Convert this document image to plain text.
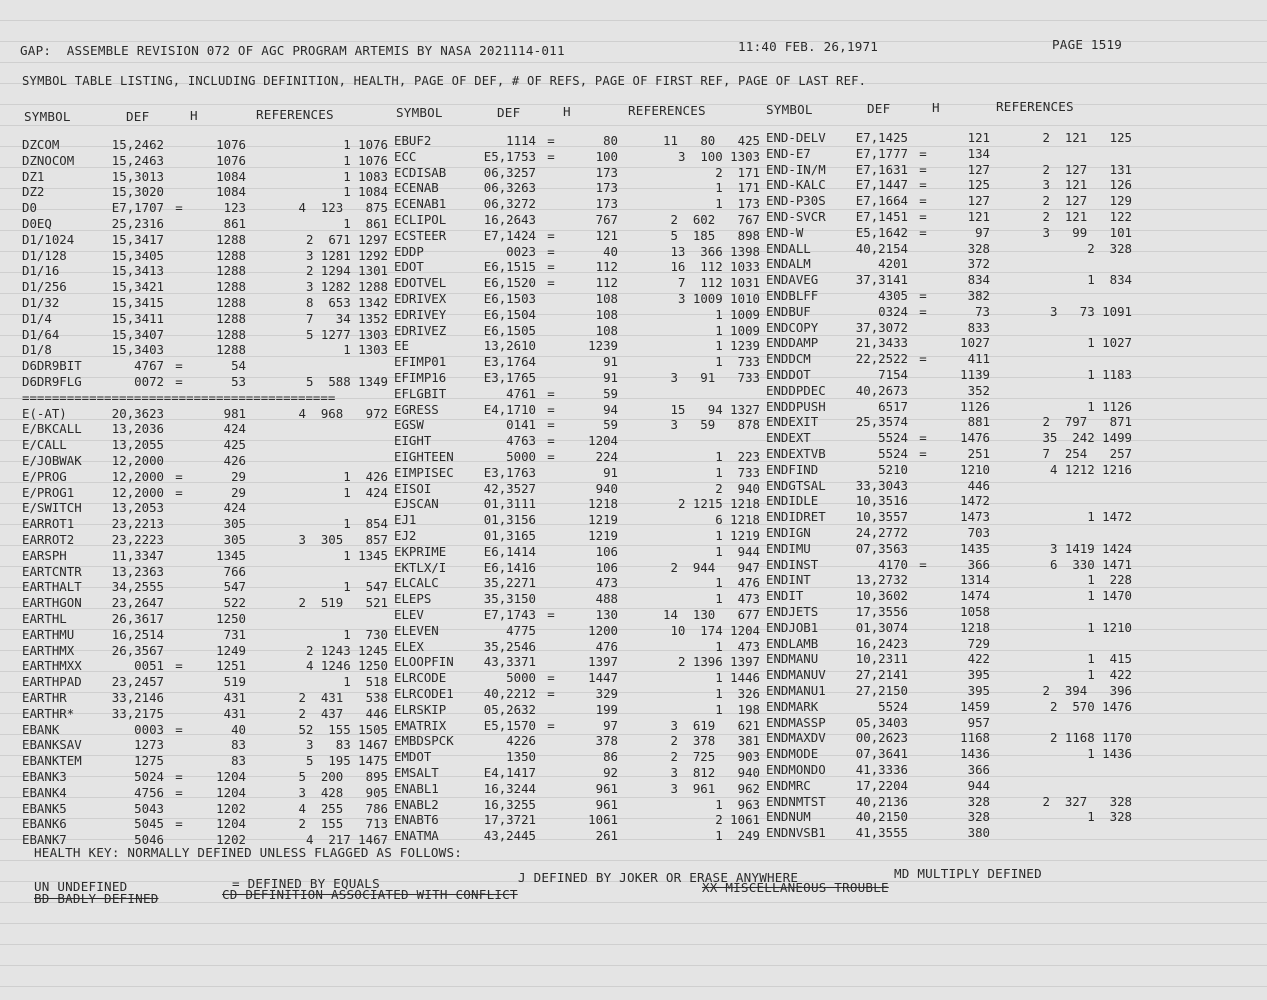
GAP:  ASSEMBLE REVISION 072 OF AGC PROGRAM ARTEMIS BY NASA 2021114-011	11:40 FEB. 26,1971	PAGE 1519
SYMBOL TABLE LISTING, INCLUDING DEFINITION, HEALTH, PAGE OF DEF, # OF REFS, PAGE OF FIRST REF, PAGE OF LAST REF.
SYMBOL	DEF	H	REFERENCES	SYMBOL	DEF	H	REFERENCES	SYMBOL	DEF	H	REFERENCES
DZCOM	15,2462	1076	1 1076
DZNOCOM	15,2463	1076	1 1076
DZ1	15,3013	1084	1 1083
DZ2	15,3020	1084	1 1084
D0	E7,1707 =	123	4  123   875
D0EQ	25,2316	861	1  861
D1/1024	15,3417	1288	2  671 1297
D1/128	15,3405	1288	3 1281 1292
D1/16	15,3413	1288	2 1294 1301
D1/256	15,3421	1288	3 1282 1288
D1/32	15,3415	1288	8  653 1342
D1/4	15,3411	1288	7   34 1352
D1/64	15,3407	1288	5 1277 1303
D1/8	15,3403	1288	1 1303
D6DR9BIT	4767 =	54
D6DR9FLG	0072 =	53	5  588 1349
==========================================
E(-AT)	20,3623	981	4  968   972
E/BKCALL	13,2036	424
E/CALL	13,2055	425
E/JOBWAK	12,2000	426
E/PROG	12,2000 =	29	1  426
E/PROG1	12,2000 =	29	1  424
E/SWITCH	13,2053	424
EARROT1	23,2213	305	1  854
EARROT2	23,2223	305	3  305   857
EARSPH	11,3347	1345	1 1345
EARTCNTR	13,2363	766
EARTHALT	34,2555	547	1  547
EARTHGON	23,2647	522	2  519   521
EARTHL	26,3617	1250
EARTHMU	16,2514	731	1  730
EARTHMX	26,3567	1249	2 1243 1245
EARTHMXX	0051 =	1251	4 1246 1250
EARTHPAD	23,2457	519	1  518
EARTHR	33,2146	431	2  431   538
EARTHR*	33,2175	431	2  437   446
EBANK	0003 =	40	52  155 1505
EBANKSAV	1273	83	3   83 1467
EBANKTEM	1275	83	5  195 1475
EBANK3	5024 =	1204	5  200   895
EBANK4	4756 =	1204	3  428   905
EBANK5	5043	1202	4  255   786
EBANK6	5045 =	1204	2  155   713
EBANK7	5046	1202	4  217 1467
EBUF2	1114 =	80	11   80   425
ECC	E5,1753 =	100	3  100 1303
ECDISAB	06,3257	173	2  171
ECENAB	06,3263	173	1  171
ECENAB1	06,3272	173	1  173
ECLIPOL	16,2643	767	2  602   767
ECSTEER	E7,1424 =	121	5  185   898
EDDP	0023 =	40	13  366 1398
EDOT	E6,1515 =	112	16  112 1033
EDOTVEL	E6,1520 =	112	7  112 1031
EDRIVEX	E6,1503	108	3 1009 1010
EDRIVEY	E6,1504	108	1 1009
EDRIVEZ	E6,1505	108	1 1009
EE	13,2610	1239	1 1239
EFIMP01	E3,1764	91	1  733
EFIMP16	E3,1765	91	3   91   733
EFLGBIT	4761 =	59
EGRESS	E4,1710 =	94	15   94 1327
EGSW	0141 =	59	3   59   878
EIGHT	4763 =	1204
EIGHTEEN	5000 =	224	1  223
EIMPISEC	E3,1763	91	1  733
EISOI	42,3527	940	2  940
EJSCAN	01,3111	1218	2 1215 1218
EJ1	01,3156	1219	6 1218
EJ2	01,3165	1219	1 1219
EKPRIME	E6,1414	106	1  944
EKTLX/I	E6,1416	106	2  944   947
ELCALC	35,2271	473	1  476
ELEPS	35,3150	488	1  473
ELEV	E7,1743 =	130	14  130   677
ELEVEN	4775	1200	10  174 1204
ELEX	35,2546	476	1  473
ELOOPFIN	43,3371	1397	2 1396 1397
ELRCODE	5000 =	1447	1 1446
ELRCODE1	40,2212 =	329	1  326
ELRSKIP	05,2632	199	1  198
EMATRIX	E5,1570 =	97	3  619   621
EMBDSPCK	4226	378	2  378   381
EMDOT	1350	86	2  725   903
EMSALT	E4,1417	92	3  812   940
ENABL1	16,3244	961	3  961   962
ENABL2	16,3255	961	1  963
ENABT6	17,3721	1061	2 1061
ENATMA	43,2445	261	1  249
END-DELV	E7,1425	121	2  121   125
END-E7	E7,1777 =	134
END-IN/M	E7,1631 =	127	2  127   131
END-KALC	E7,1447 =	125	3  121   126
END-P30S	E7,1664 =	127	2  127   129
END-SVCR	E7,1451 =	121	2  121   122
END-W	E5,1642 =	97	3   99   101
ENDALL	40,2154	328	2  328
ENDALM	4201	372
ENDAVEG	37,3141	834	1  834
ENDBLFF	4305 =	382
ENDBUF	0324 =	73	3   73 1091
ENDCOPY	37,3072	833
ENDDAMP	21,3433	1027	1 1027
ENDDCM	22,2522 =	411
ENDDOT	7154	1139	1 1183
ENDDPDEC	40,2673	352
ENDDPUSH	6517	1126	1 1126
ENDEXIT	25,3574	881	2  797   871
ENDEXT	5524 =	1476	35  242 1499
ENDEXTVB	5524 =	251	7  254   257
ENDFIND	5210	1210	4 1212 1216
ENDGTSAL	33,3043	446
ENDIDLE	10,3516	1472
ENDIDRET	10,3557	1473	1 1472
ENDIGN	24,2772	703
ENDIMU	07,3563	1435	3 1419 1424
ENDINST	4170 =	366	6  330 1471
ENDINT	13,2732	1314	1  228
ENDIT	10,3602	1474	1 1470
ENDJETS	17,3556	1058
ENDJOB1	01,3074	1218	1 1210
ENDLAMB	16,2423	729
ENDMANU	10,2311	422	1  415
ENDMANUV	27,2141	395	1  422
ENDMANU1	27,2150	395	2  394   396
ENDMARK	5524	1459	2  570 1476
ENDMASSP	05,3403	957
ENDMAXDV	00,2623	1168	2 1168 1170
ENDMODE	07,3641	1436	1 1436
ENDMONDO	41,3336	366
ENDMRC	17,2204	944
ENDNMTST	40,2136	328	2  327   328
ENDNUM	40,2150	328	1  328
ENDNVSB1	41,3555	380
HEALTH KEY: NORMALLY DEFINED UNLESS FLAGGED AS FOLLOWS:
UN UNDEFINED	= DEFINED BY EQUALS	J DEFINED BY JOKER OR ERASE ANYWHERE	MD MULTIPLY DEFINED
BD BADLY DEFINED	CD DEFINITION ASSOCIATED WITH CONFLICT	XX MISCELLANEOUS TROUBLE
